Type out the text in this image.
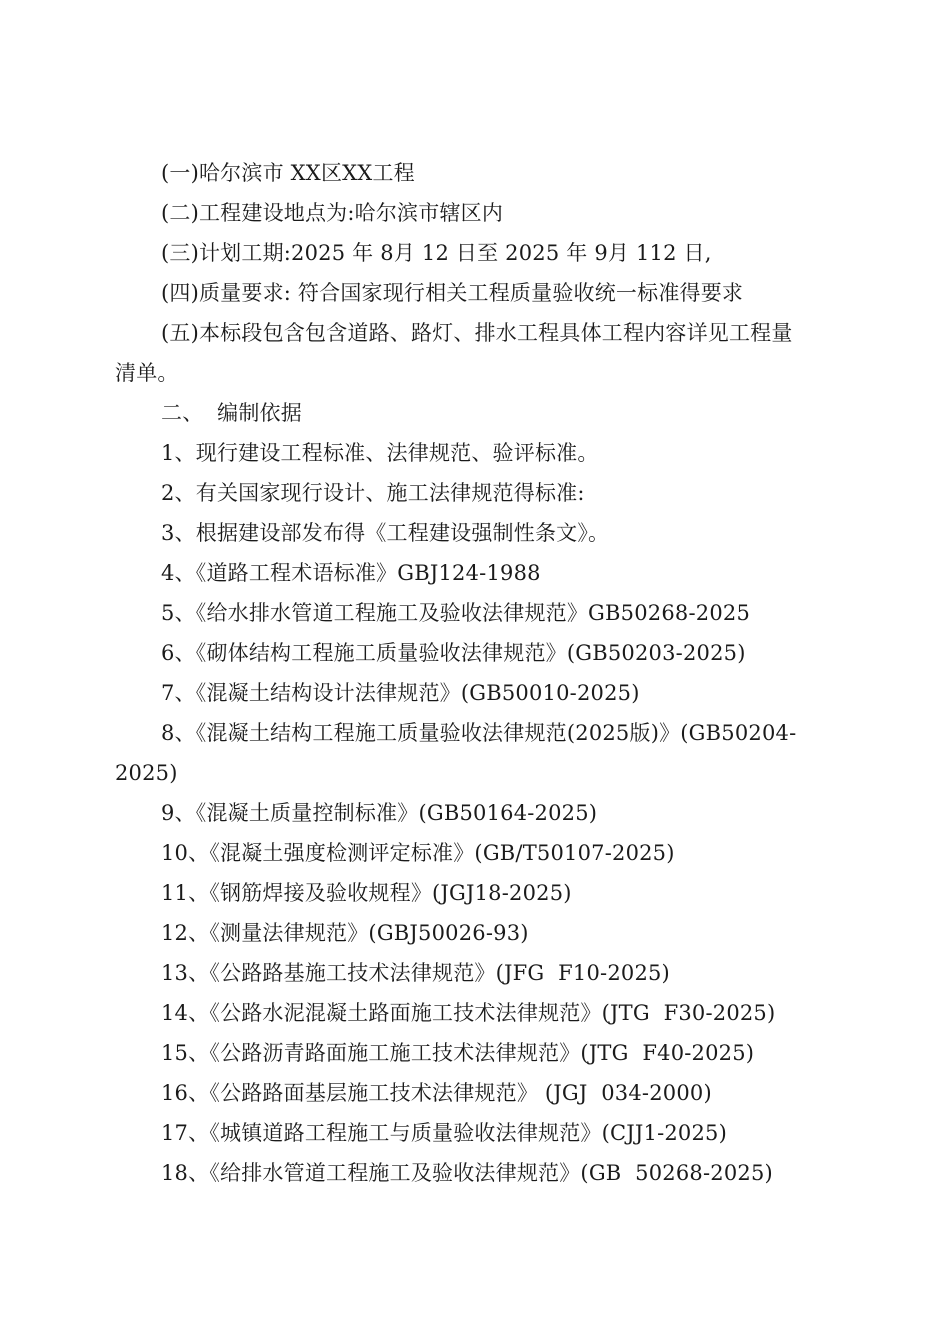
(一)哈尔滨市 XX区XX工程
(二)工程建设地点为:哈尔滨市辖区内
(三)计划工期:2025 年 8月 12 日至 2025 年 9月 112 日,
(四)质量要求: 符合国家现行相关工程质量验收统一标准得要求
(五)本标段包含包含道路、路灯、排水工程具体工程内容详见工程量
清单。
二、  编制依据
1、现行建设工程标准、法律规范、验评标准。
2、有关国家现行设计、施工法律规范得标准:
3、根据建设部发布得《工程建设强制性条文》。
4、《道路工程术语标准》GBJ124-1988
5、《给水排水管道工程施工及验收法律规范》GB50268-2025
6、《砌体结构工程施工质量验收法律规范》(GB50203-2025)
7、《混凝土结构设计法律规范》(GB50010-2025)
8、《混凝土结构工程施工质量验收法律规范(2025版)》(GB50204-
2025)
9、《混凝土质量控制标准》(GB50164-2025)
10、《混凝土强度检测评定标准》(GB/T50107-2025)
11、《钢筋焊接及验收规程》(JGJ18-2025)
12、《测量法律规范》(GBJ50026-93)
13、《公路路基施工技术法律规范》(JFG  F10-2025)
14、《公路水泥混凝土路面施工技术法律规范》(JTG  F30-2025)
15、《公路沥青路面施工施工技术法律规范》(JTG  F40-2025)
16、《公路路面基层施工技术法律规范》 (JGJ  034-2000)
17、《城镇道路工程施工与质量验收法律规范》(CJJ1-2025)
18、《给排水管道工程施工及验收法律规范》(GB  50268-2025)
